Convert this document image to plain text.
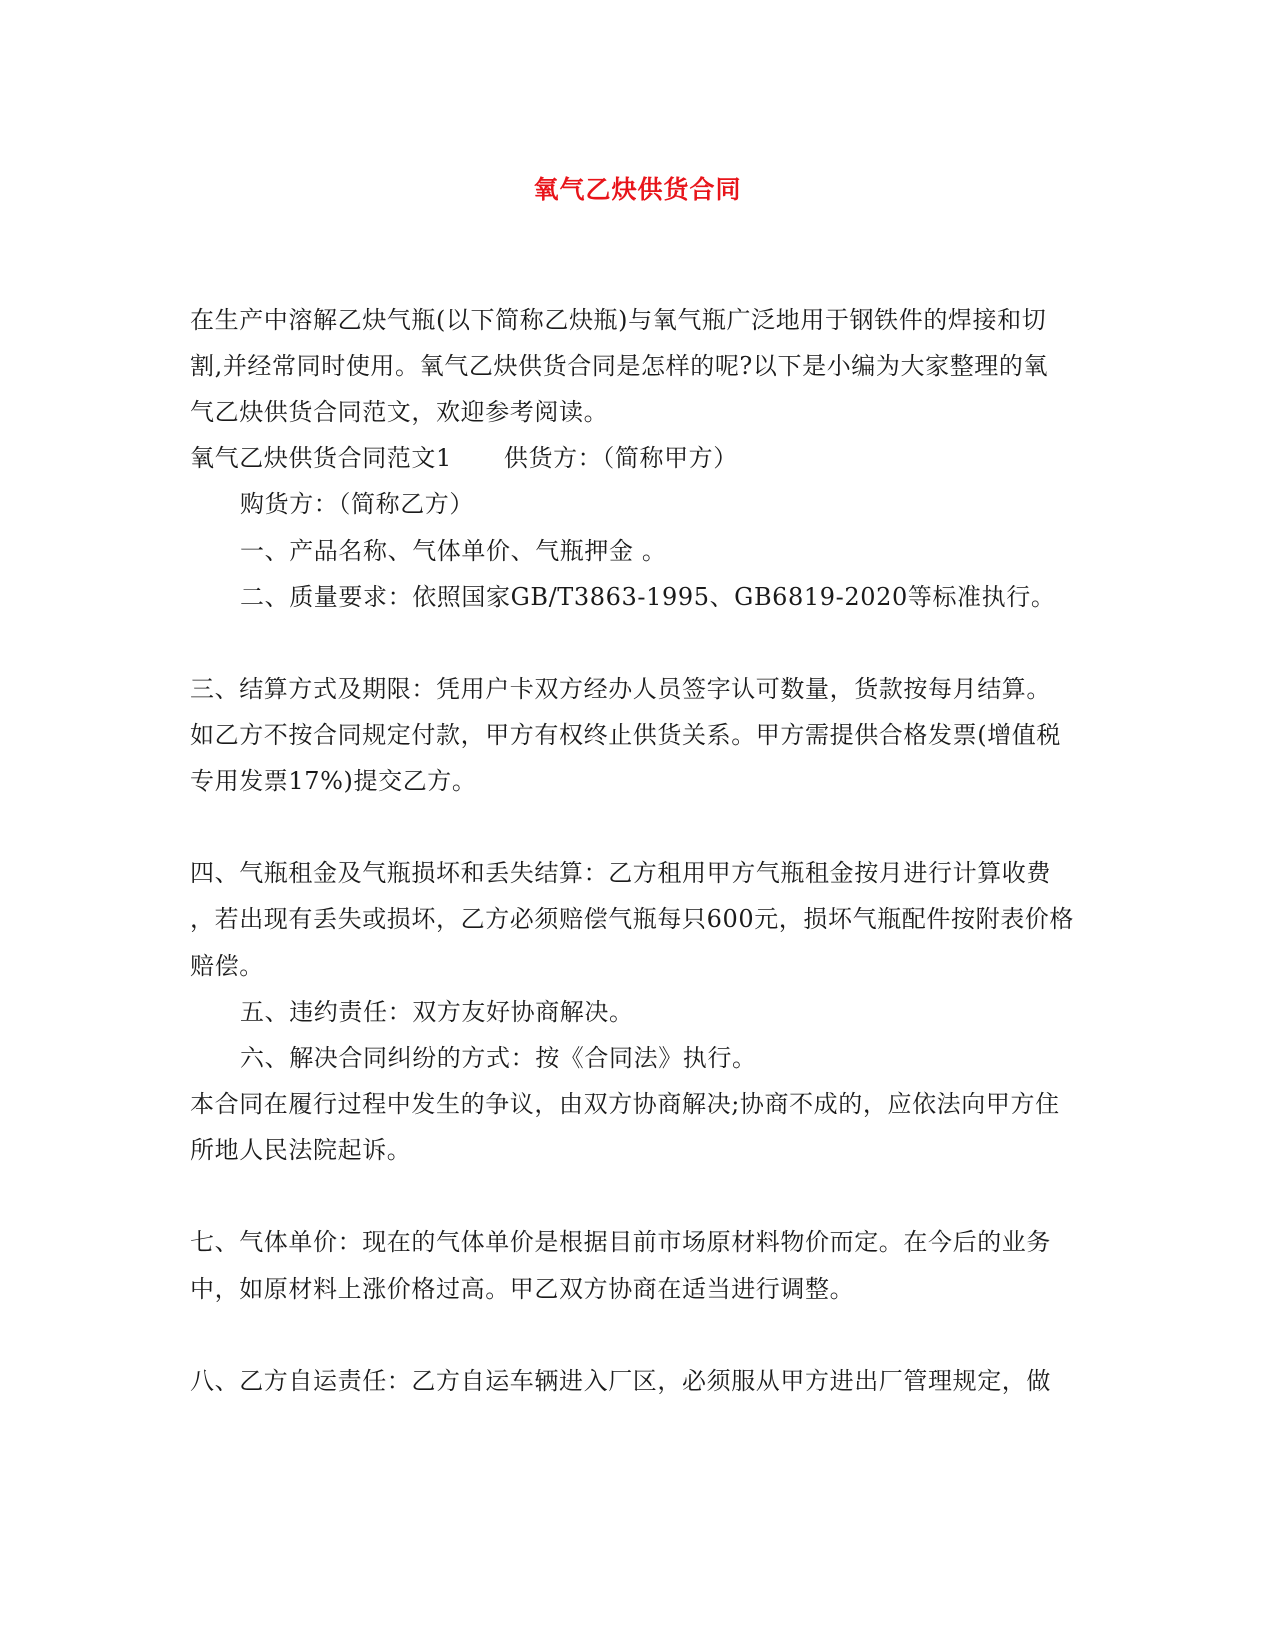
氧气乙炔供货合同
在生产中溶解乙炔气瓶(以下简称乙炔瓶)与氧气瓶广泛地用于钢铁件的焊接和切
割,并经常同时使用。氧气乙炔供货合同是怎样的呢?以下是小编为大家整理的氧
气乙炔供货合同范文，欢迎参考阅读。
氧气乙炔供货合同范文1 供货方：（简称甲方）
购货方：（简称乙方）
一、产品名称、气体单价、气瓶押金 。
二、质量要求：依照国家GB/T3863-1995、GB6819-2020等标准执行。
三、结算方式及期限：凭用户卡双方经办人员签字认可数量，货款按每月结算。
如乙方不按合同规定付款，甲方有权终止供货关系。甲方需提供合格发票(增值税
专用发票17%)提交乙方。
四、气瓶租金及气瓶损坏和丢失结算：乙方租用甲方气瓶租金按月进行计算收费
，若出现有丢失或损坏，乙方必须赔偿气瓶每只600元，损坏气瓶配件按附表价格
赔偿。
五、违约责任：双方友好协商解决。
六、解决合同纠纷的方式：按《合同法》执行。
本合同在履行过程中发生的争议，由双方协商解决;协商不成的，应依法向甲方住
所地人民法院起诉。
七、气体单价：现在的气体单价是根据目前市场原材料物价而定。在今后的业务
中，如原材料上涨价格过高。甲乙双方协商在适当进行调整。
八、乙方自运责任：乙方自运车辆进入厂区，必须服从甲方进出厂管理规定，做
